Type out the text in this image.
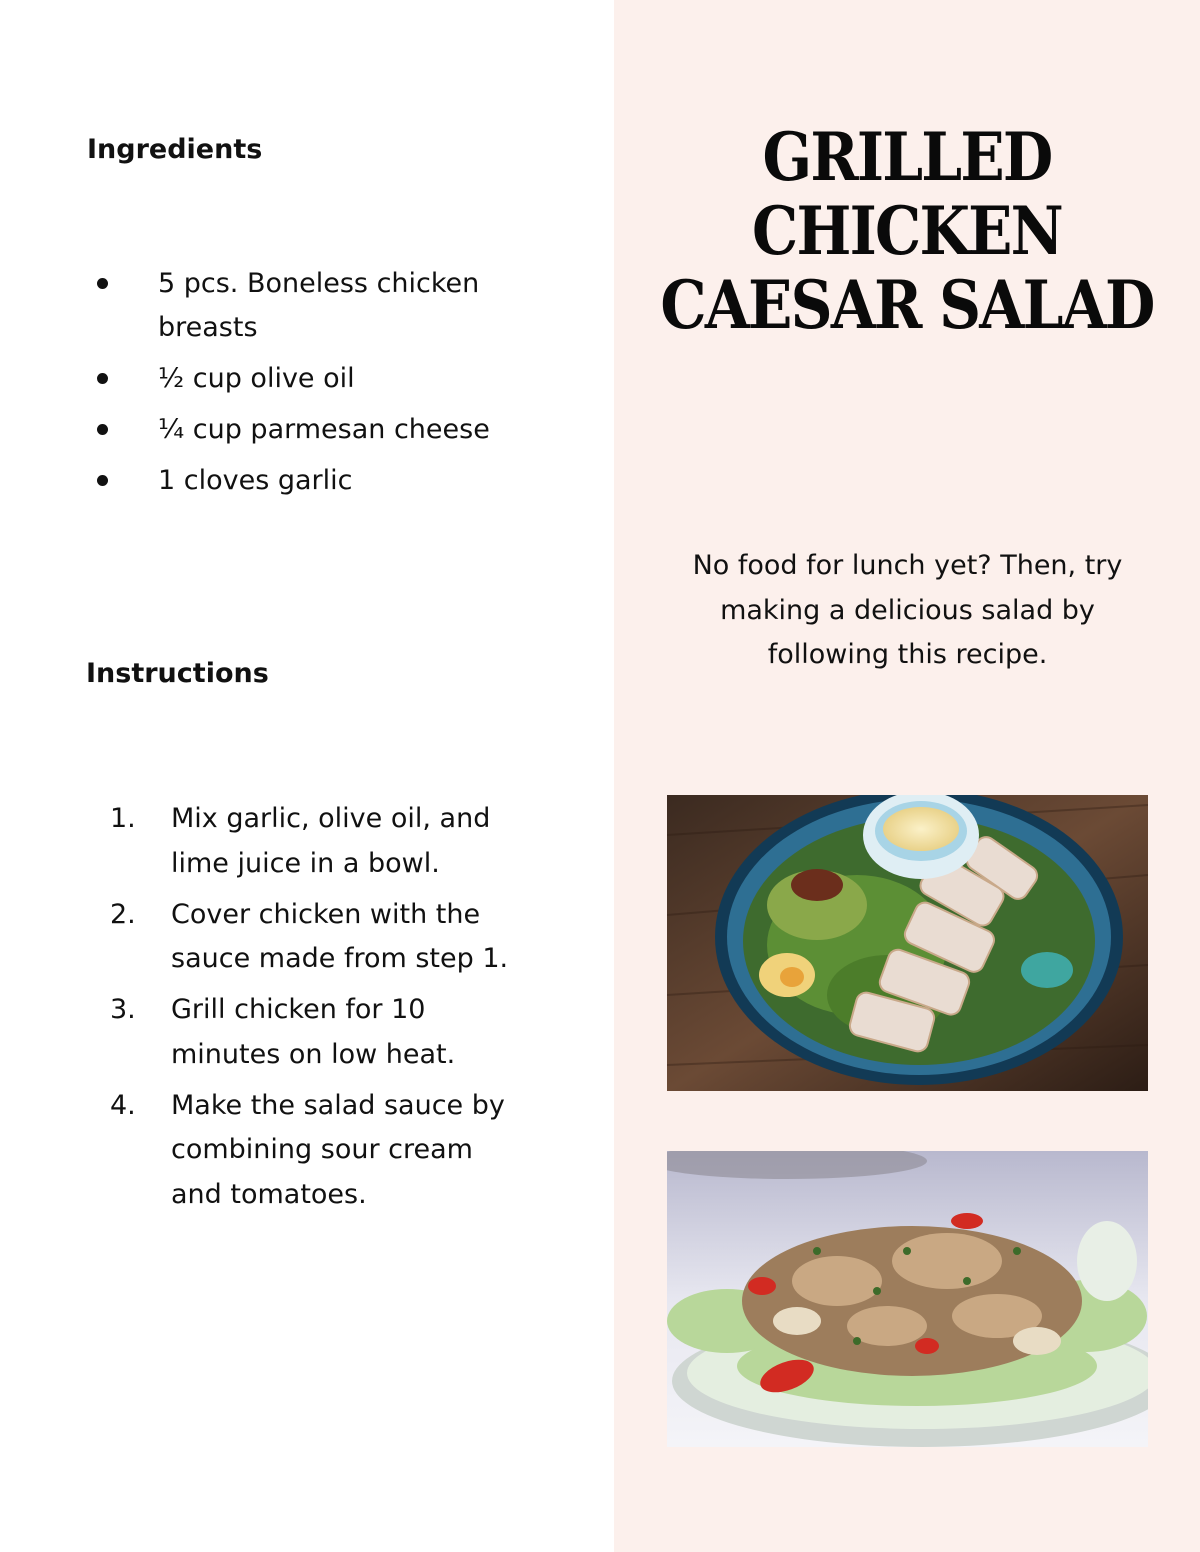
Ingredients
5 pcs. Boneless chicken breasts
½ cup olive oil
¼ cup parmesan cheese
1 cloves garlic
Instructions
1. Mix garlic, olive oil, and lime juice in a bowl.
2. Cover chicken with the sauce made from step 1.
3. Grill chicken for 10 minutes on low heat.
4. Make the salad sauce by combining sour cream and tomatoes.
GRILLED
CHICKEN
CAESAR SALAD

No food for lunch yet? Then, try making a delicious salad by following this recipe.
